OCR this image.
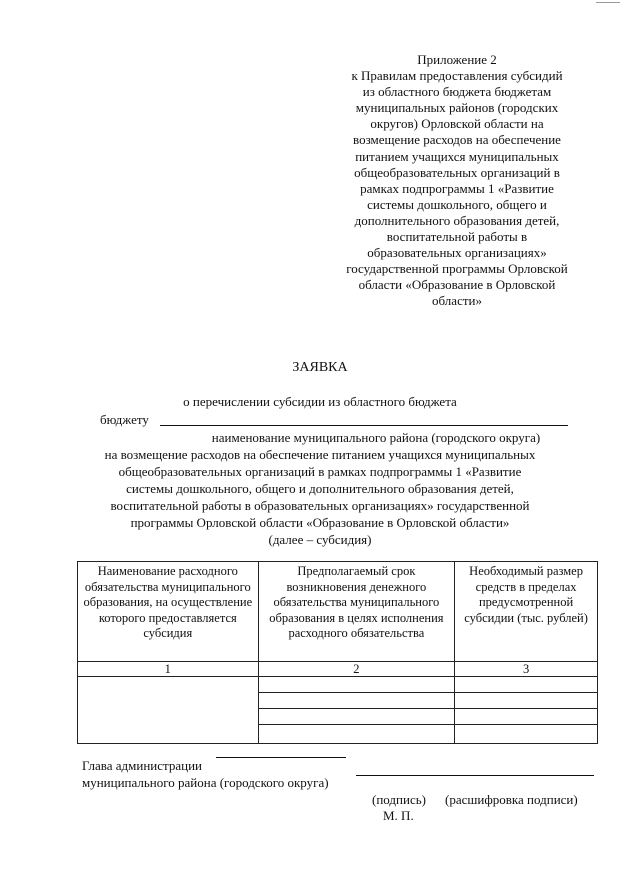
Приложение 2
к Правилам предоставления субсидий
из областного бюджета бюджетам
муниципальных районов (городских
округов) Орловской области на
возмещение расходов на обеспечение
питанием учащихся муниципальных
общеобразовательных организаций в
рамках подпрограммы 1 «Развитие
системы дошкольного, общего и
дополнительного образования детей,
воспитательной работы в
образовательных организациях»
государственной программы Орловской
области «Образование в Орловской
области»
ЗАЯВКА
о перечислении субсидии из областного бюджета
бюджету
наименование муниципального района (городского округа)
на возмещение расходов на обеспечение питанием учащихся муниципальных
общеобразовательных организаций в рамках подпрограммы 1 «Развитие
системы дошкольного, общего и дополнительного образования детей,
воспитательной работы в образовательных организациях» государственной
программы Орловской области «Образование в Орловской области»
(далее – субсидия)
Наименование расходного обязательства муниципального образования, на осуществление которого предоставляется субсидия	Предполагаемый срок возникновения денежного обязательства муниципального образования в целях исполнения расходного обязательства	Необходимый размер средств в пределах предусмотренной субсидии (тыс. рублей)
1	2	3

Глава администрации
муниципального района (городского округа)
(подпись) (расшифровка подписи)
М. П.
